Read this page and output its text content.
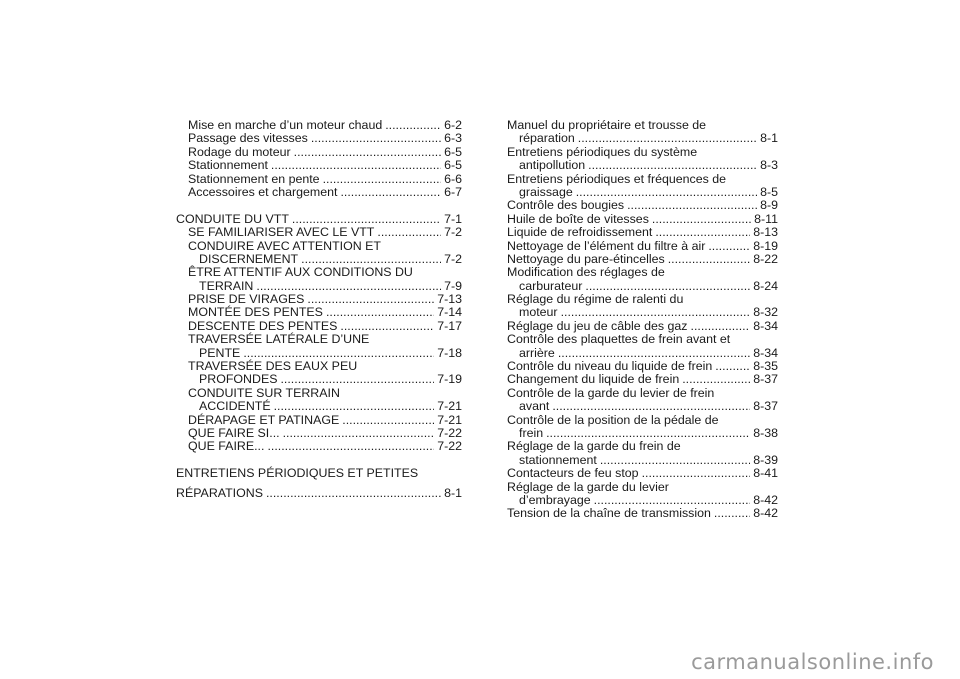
Mise en marche d’un moteur chaud .....	6-2
Passage des vitesses .....	6-3
Rodage du moteur .....	6-5
Stationnement .....	6-5
Stationnement en pente .....	6-6
Accessoires et chargement .....	6-7
CONDUITE DU VTT .....	7-1
SE FAMILIARISER AVEC LE VTT .....	7-2
CONDUIRE AVEC ATTENTION ET
DISCERNEMENT .....	7-2
ÊTRE ATTENTIF AUX CONDITIONS DU
TERRAIN .....	7-9
PRISE DE VIRAGES .....	7-13
MONTÉE DES PENTES .....	7-14
DESCENTE DES PENTES .....	7-17
TRAVERSÉE LATÉRALE D’UNE
PENTE .....	7-18
TRAVERSÉE DES EAUX PEU
PROFONDES .....	7-19
CONDUITE SUR TERRAIN
ACCIDENTÉ .....	7-21
DÉRAPAGE ET PATINAGE .....	7-21
QUE FAIRE SI... .....	7-22
QUE FAIRE... .....	7-22
ENTRETIENS PÉRIODIQUES ET PETITES
RÉPARATIONS .....	8-1
Manuel du propriétaire et trousse de
réparation .....	8-1
Entretiens périodiques du système
antipollution .....	8-3
Entretiens périodiques et fréquences de
graissage .....	8-5
Contrôle des bougies .....	8-9
Huile de boîte de vitesses .....	8-11
Liquide de refroidissement .....	8-13
Nettoyage de l’élément du filtre à air .....	8-19
Nettoyage du pare-étincelles .....	8-22
Modification des réglages de
carburateur .....	8-24
Réglage du régime de ralenti du
moteur .....	8-32
Réglage du jeu de câble des gaz .....	8-34
Contrôle des plaquettes de frein avant et
arrière .....	8-34
Contrôle du niveau du liquide de frein .....	8-35
Changement du liquide de frein .....	8-37
Contrôle de la garde du levier de frein
avant .....	8-37
Contrôle de la position de la pédale de
frein .....	8-38
Réglage de la garde du frein de
stationnement .....	8-39
Contacteurs de feu stop .....	8-41
Réglage de la garde du levier
d’embrayage .....	8-42
Tension de la chaîne de transmission .....	8-42
carmanualsonline.info
